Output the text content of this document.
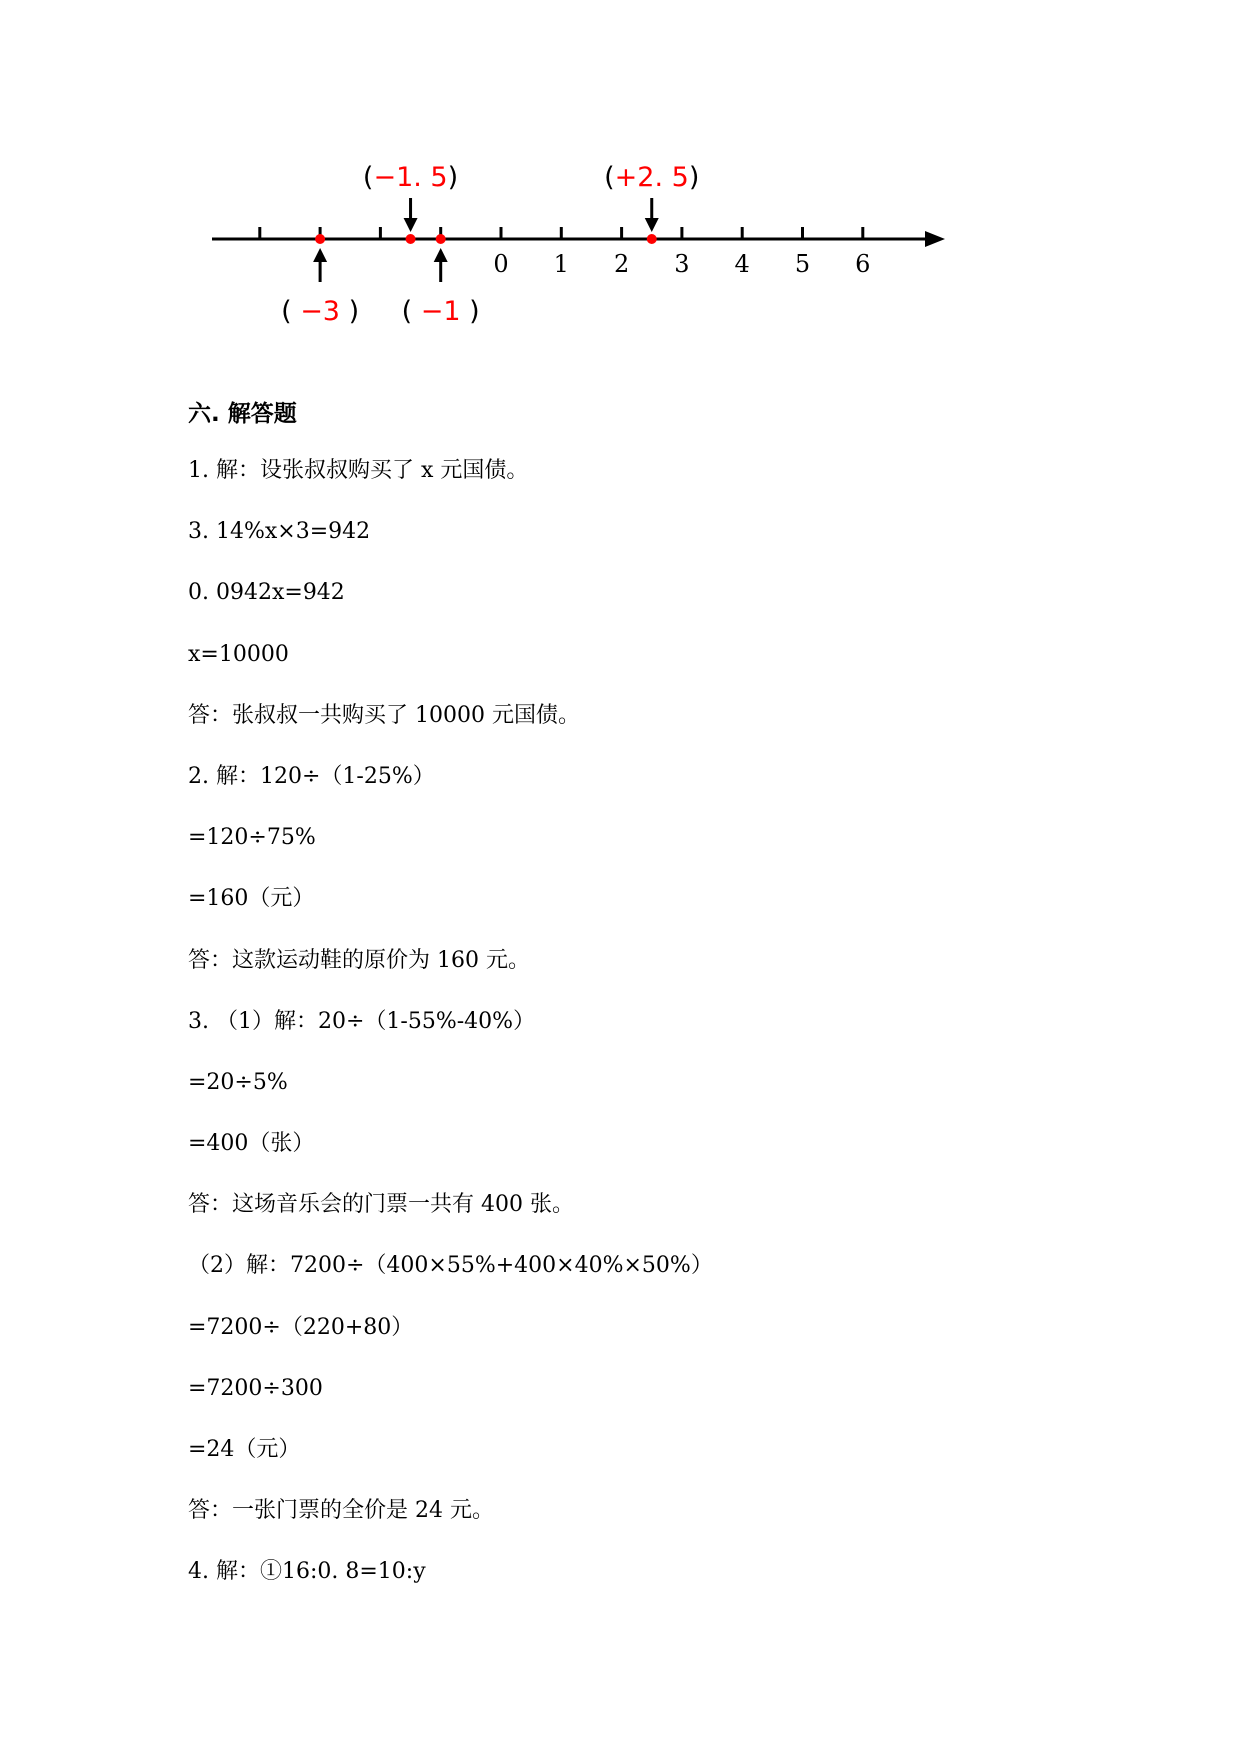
0 1 2 3 4 5 6
( −3 )
(−1. 5)
( −1 )
(+2. 5)
六. 解答题
1. 解：设张叔叔购买了 x 元国债。
3. 14%x×3=942
0. 0942x=942
x=10000
答：张叔叔一共购买了 10000 元国债。
2. 解：120÷（1-25%）
=120÷75%
=160（元）
答：这款运动鞋的原价为 160 元。
3. （1）解：20÷（1-55%-40%）
=20÷5%
=400（张）
答：这场音乐会的门票一共有 400 张。
（2）解：7200÷（400×55%+400×40%×50%）
=7200÷（220+80）
=7200÷300
=24（元）
答：一张门票的全价是 24 元。
4. 解：①16:0. 8=10:y
